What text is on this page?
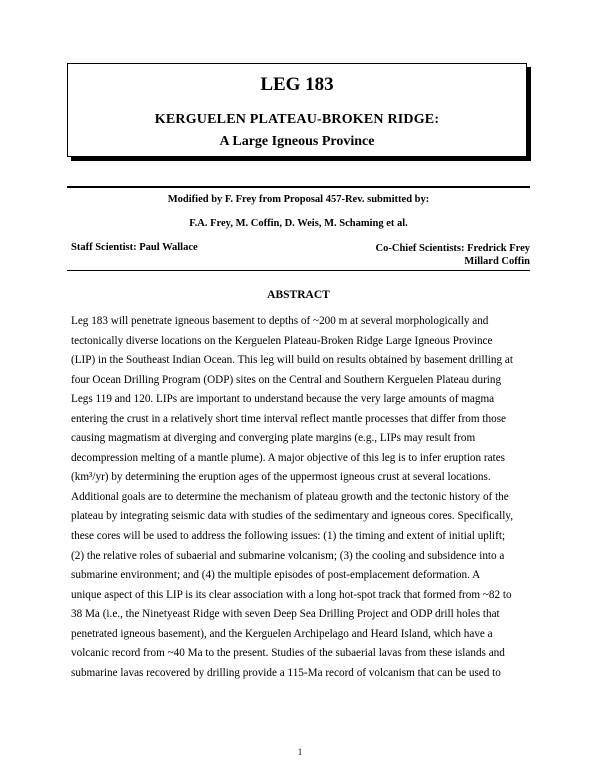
LEG 183
KERGUELEN PLATEAU-BROKEN RIDGE:
A Large Igneous Province
Modified by F. Frey from Proposal 457-Rev. submitted by:
F.A. Frey, M. Coffin, D. Weis, M. Schaming et al.
Staff Scientist: Paul Wallace	Co-Chief Scientists: Fredrick Frey
Millard Coffin
ABSTRACT
Leg 183 will penetrate igneous basement to depths of ~200 m at several morphologically and
tectonically diverse locations on the Kerguelen Plateau-Broken Ridge Large Igneous Province
(LIP) in the Southeast Indian Ocean. This leg will build on results obtained by basement drilling at
four Ocean Drilling Program (ODP) sites on the Central and Southern Kerguelen Plateau during
Legs 119 and 120. LIPs are important to understand because the very large amounts of magma
entering the crust in a relatively short time interval reflect mantle processes that differ from those
causing magmatism at diverging and converging plate margins (e.g., LIPs may result from
decompression melting of a mantle plume). A major objective of this leg is to infer eruption rates
(km³/yr) by determining the eruption ages of the uppermost igneous crust at several locations.
Additional goals are to determine the mechanism of plateau growth and the tectonic history of the
plateau by integrating seismic data with studies of the sedimentary and igneous cores. Specifically,
these cores will be used to address the following issues: (1) the timing and extent of initial uplift;
(2) the relative roles of subaerial and submarine volcanism; (3) the cooling and subsidence into a
submarine environment; and (4) the multiple episodes of post-emplacement deformation. A
unique aspect of this LIP is its clear association with a long hot-spot track that formed from ~82 to
38 Ma (i.e., the Ninetyeast Ridge with seven Deep Sea Drilling Project and ODP drill holes that
penetrated igneous basement), and the Kerguelen Archipelago and Heard Island, which have a
volcanic record from ~40 Ma to the present. Studies of the subaerial lavas from these islands and
submarine lavas recovered by drilling provide a 115-Ma record of volcanism that can be used to
1
